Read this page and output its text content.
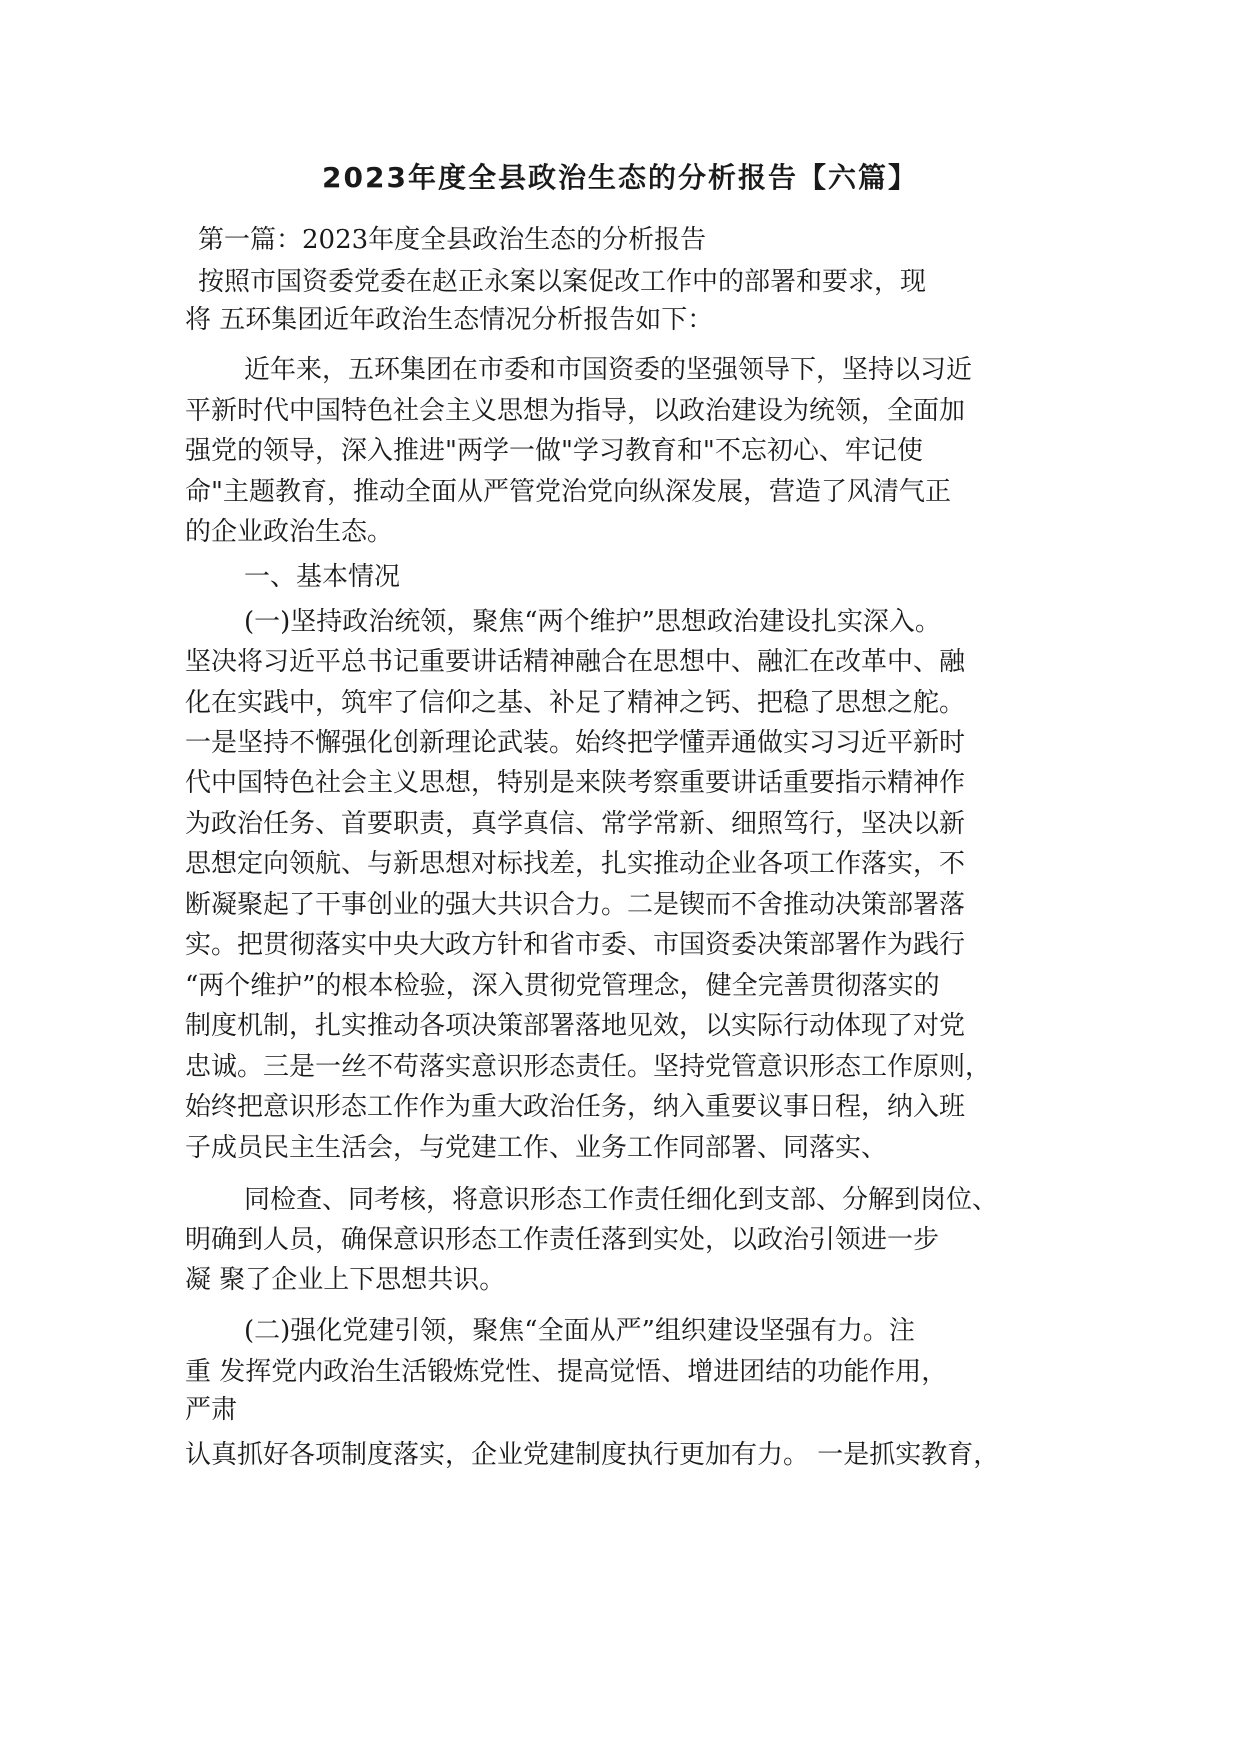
2023年度全县政治生态的分析报告【六篇】
第一篇：2023年度全县政治生态的分析报告
按照市国资委党委在赵正永案以案促改工作中的部署和要求，现
将 五环集团近年政治生态情况分析报告如下：
近年来，五环集团在市委和市国资委的坚强领导下，坚持以习近
平新时代中国特色社会主义思想为指导，以政治建设为统领，全面加
强党的领导，深入推进"两学一做"学习教育和"不忘初心、牢记使
命"主题教育，推动全面从严管党治党向纵深发展，营造了风清气正
的企业政治生态。
一、基本情况
(一)坚持政治统领，聚焦“两个维护”思想政治建设扎实深入。
坚决将习近平总书记重要讲话精神融合在思想中、融汇在改革中、融
化在实践中，筑牢了信仰之基、补足了精神之钙、把稳了思想之舵。
一是坚持不懈强化创新理论武装。始终把学懂弄通做实习习近平新时
代中国特色社会主义思想，特别是来陕考察重要讲话重要指示精神作
为政治任务、首要职责，真学真信、常学常新、细照笃行，坚决以新
思想定向领航、与新思想对标找差，扎实推动企业各项工作落实，不
断凝聚起了干事创业的强大共识合力。二是锲而不舍推动决策部署落
实。把贯彻落实中央大政方针和省市委、市国资委决策部署作为践行
“两个维护”的根本检验，深入贯彻党管理念，健全完善贯彻落实的
制度机制，扎实推动各项决策部署落地见效，以实际行动体现了对党
忠诚。三是一丝不苟落实意识形态责任。坚持党管意识形态工作原则，
始终把意识形态工作作为重大政治任务，纳入重要议事日程，纳入班
子成员民主生活会，与党建工作、业务工作同部署、同落实、
同检查、同考核，将意识形态工作责任细化到支部、分解到岗位、
明确到人员，确保意识形态工作责任落到实处，以政治引领进一步
凝 聚了企业上下思想共识。
(二)强化党建引领，聚焦“全面从严”组织建设坚强有力。注
重 发挥党内政治生活锻炼党性、提高觉悟、增进团结的功能作用，
严肃
认真抓好各项制度落实，企业党建制度执行更加有力。 一是抓实教育，
